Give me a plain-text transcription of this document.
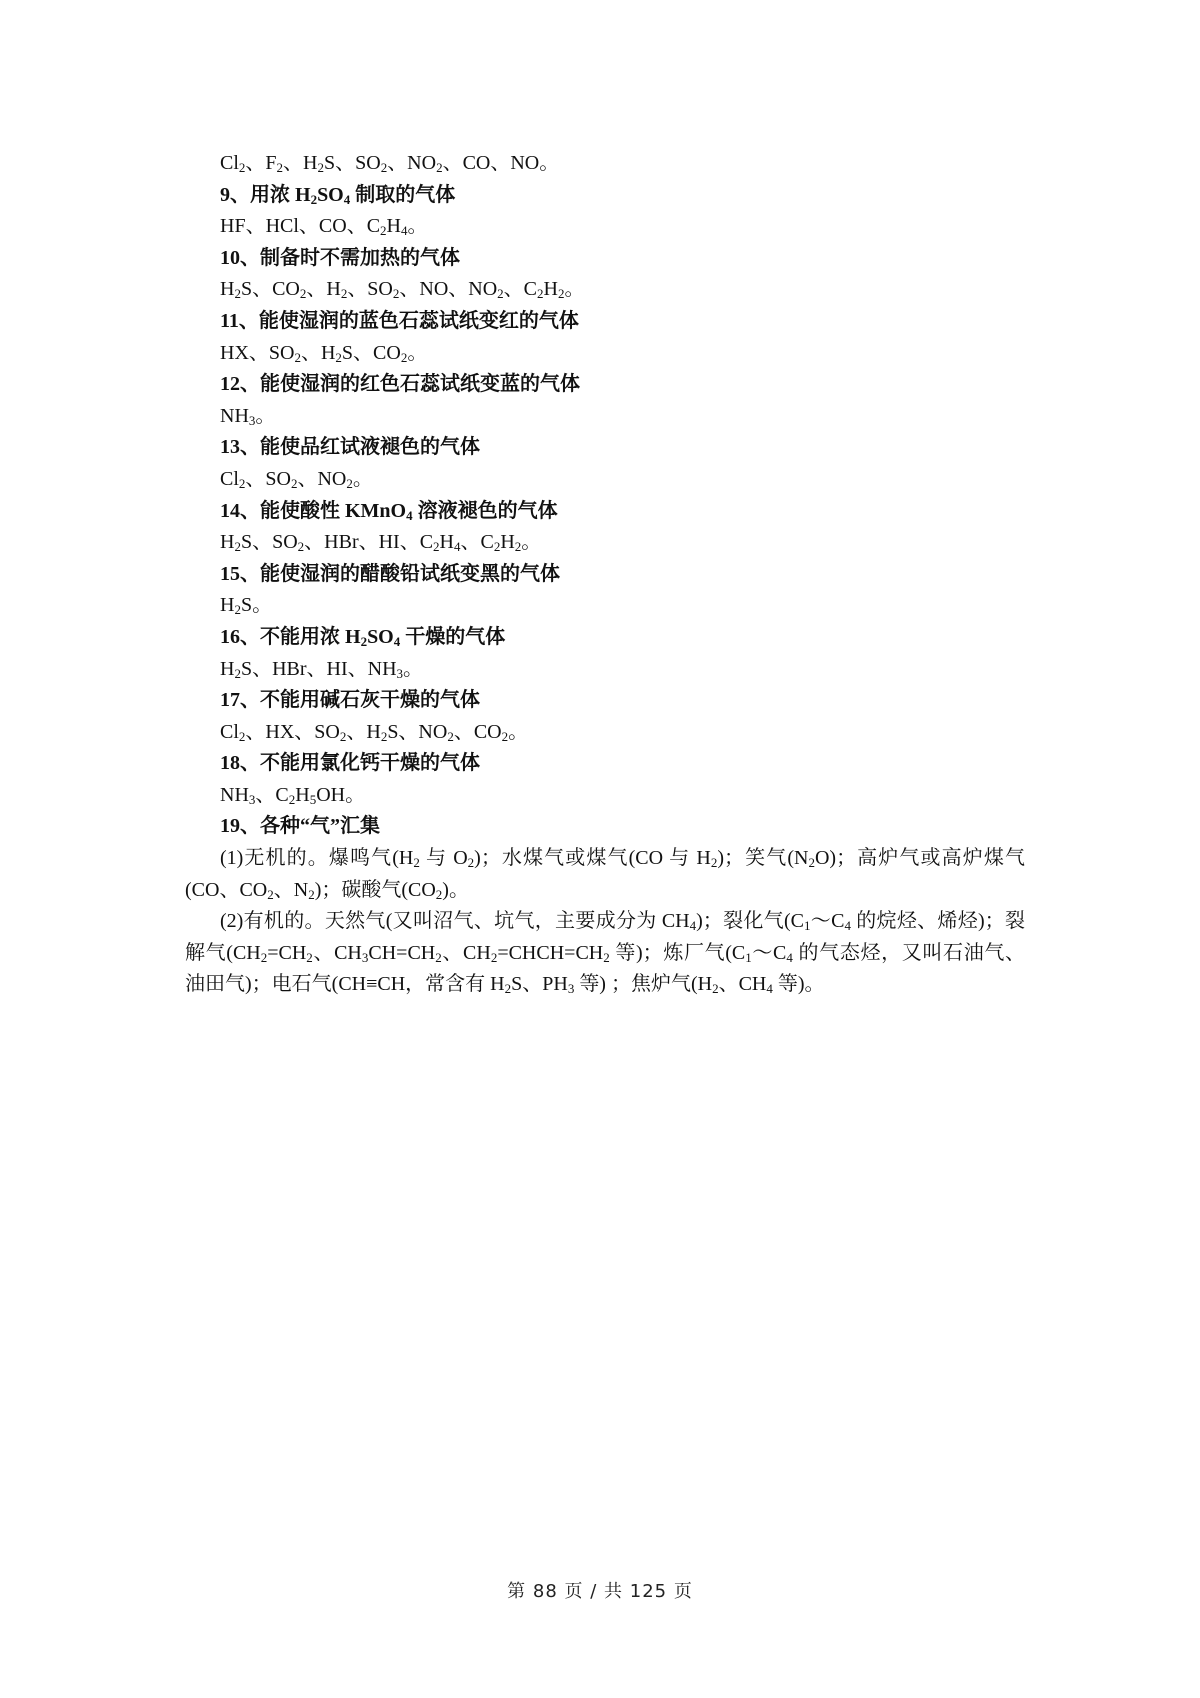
$Cl_2$、$F_2$、$H_2S$、$SO_2$、$NO_2$、CO、NO。
9、用浓 $H_2SO_4$ 制取的气体
HF、HCl、CO、$C_2H_4$。
10、制备时不需加热的气体
$H_2S$、$CO_2$、$H_2$、$SO_2$、NO、$NO_2$、$C_2H_2$。
11、能使湿润的蓝色石蕊试纸变红的气体
HX、$SO_2$、$H_2S$、$CO_2$。
12、能使湿润的红色石蕊试纸变蓝的气体
$NH_3$。
13、能使品红试液褪色的气体
$Cl_2$、$SO_2$、$NO_2$。
14、能使酸性 KMnO$_4$ 溶液褪色的气体
$H_2S$、$SO_2$、HBr、HI、$C_2H_4$、$C_2H_2$。
15、能使湿润的醋酸铅试纸变黑的气体
$H_2S$。
16、不能用浓 $H_2SO_4$ 干燥的气体
$H_2S$、HBr、HI、$NH_3$。
17、不能用碱石灰干燥的气体
$Cl_2$、HX、$SO_2$、$H_2S$、$NO_2$、$CO_2$。
18、不能用氯化钙干燥的气体
$NH_3$、$C_2H_5OH$。
19、各种“气”汇集
(1)无机的。爆鸣气($H_2$ 与 $O_2$)；水煤气或煤气(CO 与 $H_2$)；笑气$(N_2O)$；高炉气或高炉煤气(CO、$CO_2$、$N_2$)；碳酸气$(CO_2)$。
(2)有机的。天然气(又叫沼气、坑气，主要成分为 $CH_4$)；裂化气($C_1\sim C_4$ 的烷烃、烯烃)；裂解气($CH_2=CH_2$、$CH_3CH=CH_2$、$CH_2=CHCH=CH_2$ 等)；炼厂气($C_1\sim C_4$ 的气态烃，又叫石油气、油田气)；电石气(CH≡CH，常含有 $H_2S$、$PH_3$ 等) ；焦炉气($H_2$、$CH_4$ 等)。
第 88 页 / 共 125 页
